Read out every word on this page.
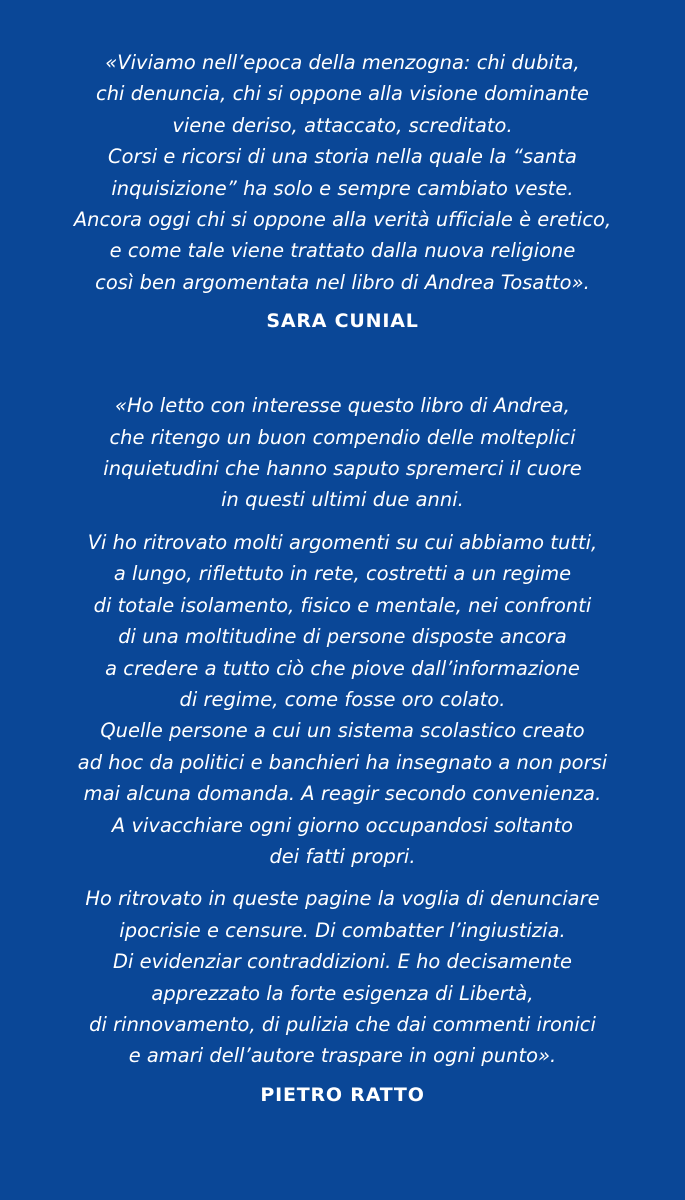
«Viviamo nell’epoca della menzogna: chi dubita,
chi denuncia, chi si oppone alla visione dominante
viene deriso, attaccato, screditato.
Corsi e ricorsi di una storia nella quale la “santa
inquisizione” ha solo e sempre cambiato veste.
Ancora oggi chi si oppone alla verità ufficiale è eretico,
e come tale viene trattato dalla nuova religione
così ben argomentata nel libro di Andrea Tosatto».

SARA CUNIAL

«Ho letto con interesse questo libro di Andrea,
che ritengo un buon compendio delle molteplici
inquietudini che hanno saputo spremerci il cuore
in questi ultimi due anni.

Vi ho ritrovato molti argomenti su cui abbiamo tutti,
a lungo, riflettuto in rete, costretti a un regime
di totale isolamento, fisico e mentale, nei confronti
di una moltitudine di persone disposte ancora
a credere a tutto ciò che piove dall’informazione
di regime, come fosse oro colato.
Quelle persone a cui un sistema scolastico creato
ad hoc da politici e banchieri ha insegnato a non porsi
mai alcuna domanda. A reagir secondo convenienza.
A vivacchiare ogni giorno occupandosi soltanto
dei fatti propri.

Ho ritrovato in queste pagine la voglia di denunciare
ipocrisie e censure. Di combatter l’ingiustizia.
Di evidenziar contraddizioni. E ho decisamente
apprezzato la forte esigenza di Libertà,
di rinnovamento, di pulizia che dai commenti ironici
e amari dell’autore traspare in ogni punto».

PIETRO RATTO
